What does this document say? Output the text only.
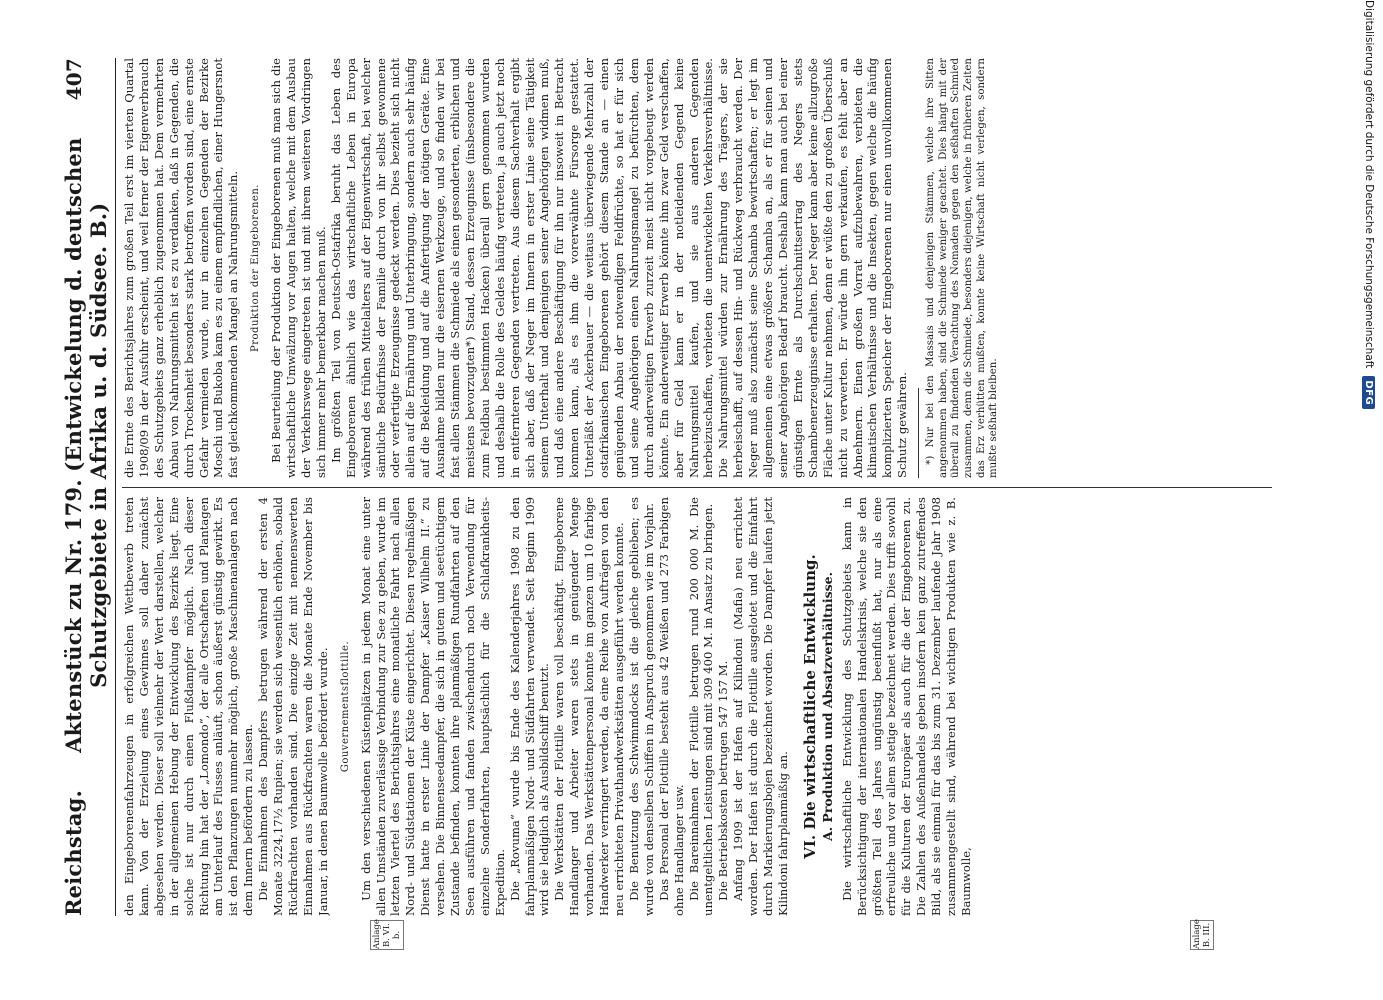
Reichstag.
Aktenstück zu Nr. 179. (Entwickelung d. deutschen Schutzgebiete in Afrika u. d. Südsee. B.)
407
Anlage B. VI. b.	Anlage B. III.

den Eingeborenenfahrzeugen in erfolgreichen Wettbewerb treten kann. Von der Erzielung eines Gewinnes soll daher zunächst abgesehen werden. Dieser soll vielmehr der Wert darstellen, welcher in der allgemeinen Hebung der Entwicklung des Bezirks liegt. Eine solche ist nur durch einen Flußdampfer möglich. Nach dieser Richtung hin hat der „Lomondo“, der alle Ortschaften und Plantagen am Unterlauf des Flusses anläuft, schon äußerst günstig gewirkt. Es ist den Pflanzungen nunmehr möglich, große Maschinenanlagen nach dem Innern befördern zu lassen. Die Einnahmen des Dampfers betrugen während der ersten 4 Monate 3224,17½ Rupien; sie werden sich wesentlich erhöhen, sobald Rückfrachten vorhanden sind. Die einzige Zeit mit nennenswerten Einnahmen aus Rückfrachten waren die Monate Ende November bis Januar, in denen Baumwolle befördert wurde. Gouvernementsflottille. Um den verschiedenen Küstenplätzen in jedem Monat eine unter allen Umständen zuverlässige Verbindung zur See zu geben, wurde im letzten Viertel des Berichtsjahres eine monatliche Fahrt nach allen Nord- und Südstationen der Küste eingerichtet. Diesen regelmäßigen Dienst hatte in erster Linie der Dampfer „Kaiser Wilhelm II.“ zu versehen. Die Binnenseedampfer, die sich in gutem und seetüchtigem Zustande befinden, konnten ihre planmäßigen Rundfahrten auf den Seen ausführen und fanden zwischendurch noch Verwendung für einzelne Sonderfahrten, hauptsächlich für die Schlafkrankheits-Expedition. Die „Rovuma“ wurde bis Ende des Kalenderjahres 1908 zu den fahrplanmäßigen Nord- und Südfahrten verwendet. Seit Beginn 1909 wird sie lediglich als Ausbildschiff benutzt. Die Werkstätten der Flottille waren voll beschäftigt. Eingeborene Handlanger und Arbeiter waren stets in genügender Menge vorhanden. Das Werkstättenpersonal konnte im ganzen um 10 farbige Handwerker verringert werden, da eine Reihe von Aufträgen von den neu errichteten Privathandwerkstätten ausgeführt werden konnte. Die Benutzung des Schwimmdocks ist die gleiche geblieben; es wurde von denselben Schiffen in Anspruch genommen wie im Vorjahr. Das Personal der Flottille besteht aus 42 Weißen und 273 Farbigen ohne Handlanger usw. Die Bareinnahmen der Flottille betrugen rund 200 000 M. Die unentgeltlichen Leistungen sind mit 309 400 M. in Ansatz zu bringen. Die Betriebskosten betrugen 547 157 M. Anfang 1909 ist der Hafen auf Kilindoni (Mafia) neu errichtet worden. Der Hafen ist durch die Flottille ausgelotet und die Einfahrt durch Markierungsbojen bezeichnet worden. Die Dampfer laufen jetzt Kilindoni fahrplanmäßig an. VI. Die wirtschaftliche Entwicklung. A. Produktion und Absatzverhältnisse. Die wirtschaftliche Entwicklung des Schutzgebiets kann in Berücksichtigung der internationalen Handelskrisis, welche sie den größten Teil des Jahres ungünstig beeinflußt hat, nur als eine erfreuliche und vor allem stetige bezeichnet werden. Dies trifft sowohl für die Kulturen der Europäer als auch für die der Eingeborenen zu. Die Zahlen des Außenhandels geben insofern kein ganz zutreffendes Bild, als sie einmal für das bis zum 31. Dezember laufende Jahr 1908 zusammengestellt sind, während bei wichtigen Produkten wie z. B. Baumwolle,

die Ernte des Berichtsjahres zum großen Teil erst im vierten Quartal 1908/09 in der Ausfuhr erscheint, und weil ferner der Eigenverbrauch des Schutzgebiets ganz erheblich zugenommen hat. Dem vermehrten Anbau von Nahrungsmitteln ist es zu verdanken, daß in Gegenden, die durch Trockenheit besonders stark betroffen worden sind, eine ernste Gefahr vermieden wurde, nur in einzelnen Gegenden der Bezirke Moschi und Bukoba kam es zu einem empfindlichen, einer Hungersnot fast gleichkommenden Mangel an Nahrungsmitteln. Produktion der Eingeborenen. Bei Beurteilung der Produktion der Eingeborenen muß man sich die wirtschaftliche Umwälzung vor Augen halten, welche mit dem Ausbau der Verkehrswege eingetreten ist und mit ihrem weiteren Vordringen sich immer mehr bemerkbar machen muß. Im größten Teil von Deutsch-Ostafrika beruht das Leben des Eingeborenen ähnlich wie das wirtschaftliche Leben in Europa während des frühen Mittelalters auf der Eigenwirtschaft, bei welcher sämtliche Bedürfnisse der Familie durch von ihr selbst gewonnene oder verfertigte Erzeugnisse gedeckt werden. Dies bezieht sich nicht allein auf die Ernährung und Unterbringung, sondern auch sehr häufig auf die Bekleidung und auf die Anfertigung der nötigen Geräte. Eine Ausnahme bilden nur die eisernen Werkzeuge, und so finden wir bei fast allen Stämmen die Schmiede als einen gesonderten, erblichen und meistens bevorzugten*) Stand, dessen Erzeugnisse (insbesondere die zum Feldbau bestimmten Hacken) überall gern genommen wurden und deshalb die Rolle des Geldes häufig vertreten, ja auch jetzt noch in entfernteren Gegenden vertreten. Aus diesem Sachverhalt ergibt sich aber, daß der Neger im Innern in erster Linie seine Tätigkeit seinem Unterhalt und demjenigen seiner Angehörigen widmen muß, und daß eine andere Beschäftigung für ihn nur insoweit in Betracht kommen kann, als es ihm die vorerwähnte Fürsorge gestattet. Unterläßt der Ackerbauer — die weitaus überwiegende Mehrzahl der ostafrikanischen Eingeborenen gehört diesem Stande an — einen genügenden Anbau der notwendigen Feldfrüchte, so hat er für sich und seine Angehörigen einen Nahrungsmangel zu befürchten, dem durch anderweitigen Erwerb zurzeit meist nicht vorgebeugt werden könnte. Ein anderweitiger Erwerb könnte ihm zwar Geld verschaffen, aber für Geld kann er in der notleidenden Gegend keine Nahrungsmittel kaufen, und sie aus anderen Gegenden herbeizuschaffen, verbieten die unentwickelten Verkehrsverhältnisse. Die Nahrungsmittel würden zur Ernährung des Trägers, der sie herbeischafft, auf dessen Hin- und Rückweg verbraucht werden. Der Neger muß also zunächst seine Schamba bewirtschaften; er legt im allgemeinen eine etwas größere Schamba an, als er für seinen und seiner Angehörigen Bedarf braucht. Deshalb kann man auch bei einer günstigen Ernte als Durchschnittsertrag des Negers stets Schambenerzeugnisse erhalten. Der Neger kann aber keine allzugroße Fläche unter Kultur nehmen, denn er wüßte den zu großen Überschuß nicht zu verwerten. Er würde ihn gern verkaufen, es fehlt aber an Abnehmern. Einen großen Vorrat aufzubewahren, verbieten die klimatischen Verhältnisse und die Insekten, gegen welche die häufig komplizierten Speicher der Eingeborenen nur einen unvollkommenen Schutz gewähren. *) Nur bei den Massais und denjenigen Stämmen, welche ihre Sitten angenommen haben, sind die Schmiede weniger geachtet. Dies hängt mit der überall zu findenden Verachtung des Nomaden gegen den seßhaften Schmied zusammen, denn die Schmiede, besonders diejenigen, welche in früheren Zeiten das Erz verhütten mußten, konnte keine Wirtschaft nicht verlegen, sondern mußte seßhaft bleiben.
Digitalisierung gefördert durch die Deutsche Forschungsgemeinschaft
DFG
